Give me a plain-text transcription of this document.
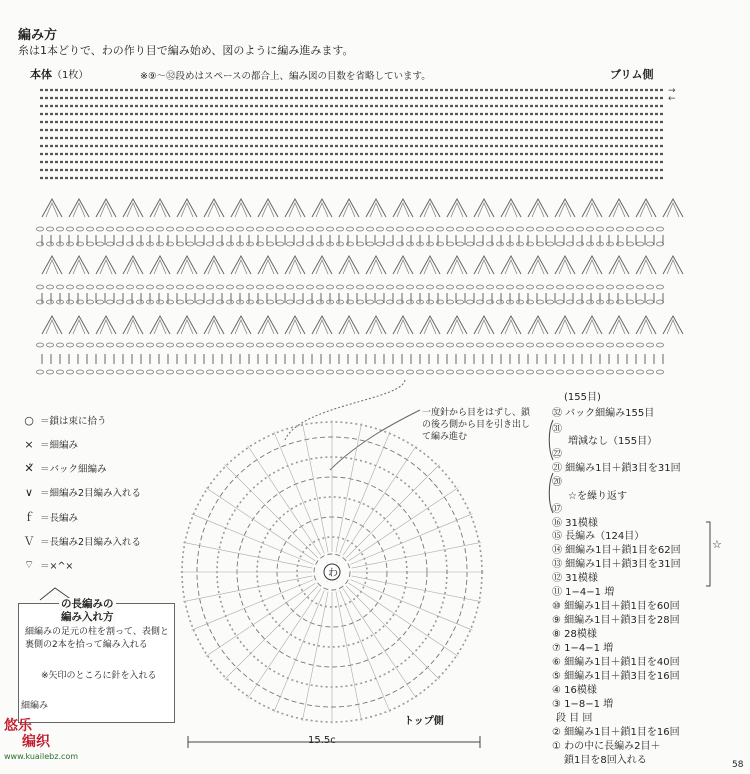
編み方
糸は1本どりで、わの作り目で編み始め、図のように編み進みます。
本体（1枚）	※⑨〜㉜段めはスペースの都合上、編み図の目数を省略しています。	ブリム側
→
←
わ
○ ＝鎖は束に拾う
× ＝細編み
✕̃ ＝バック細編み
∨ ＝細編み2目編み入れる
ｆ ＝長編み
Ｖ ＝長編み2目編み入れる
⌔ ＝×^×
の長編みの
編み入れ方
細編みの足元の柱を割って、表側と裏側の2本を拾って編み入れる
※矢印のところに針を入れる
細編み
一度針から目をはずし、鎖の後ろ側から目を引き出して編み進む
(155目)
㉜ バック細編み155目
㉛
増減なし（155目）
㉒
㉑ 細編み1目＋鎖3目を31回
⑳
☆を繰り返す
⑰
⑯ 31模様
⑮ 長編み（124目）
⑭ 細編み1目＋鎖1目を62回
⑬ 細編み1目＋鎖3目を31回
⑫ 31模様
⑪ 1−4−1 増
⑩ 細編み1目＋鎖1目を60回
⑨ 細編み1目＋鎖3目を28回
⑧ 28模様
⑦ 1−4−1 増
⑥ 細編み1目＋鎖1目を40回
⑤ 細編み1目＋鎖3目を16回
④ 16模様
③ 1−8−1 増
段 目 回
② 細編み1目＋鎖1目を16回
① わの中に長編み2目＋
鎖1目を8回入れる
☆
トップ側
15.5c
58
悠乐
编织
www.kuailebz.com
